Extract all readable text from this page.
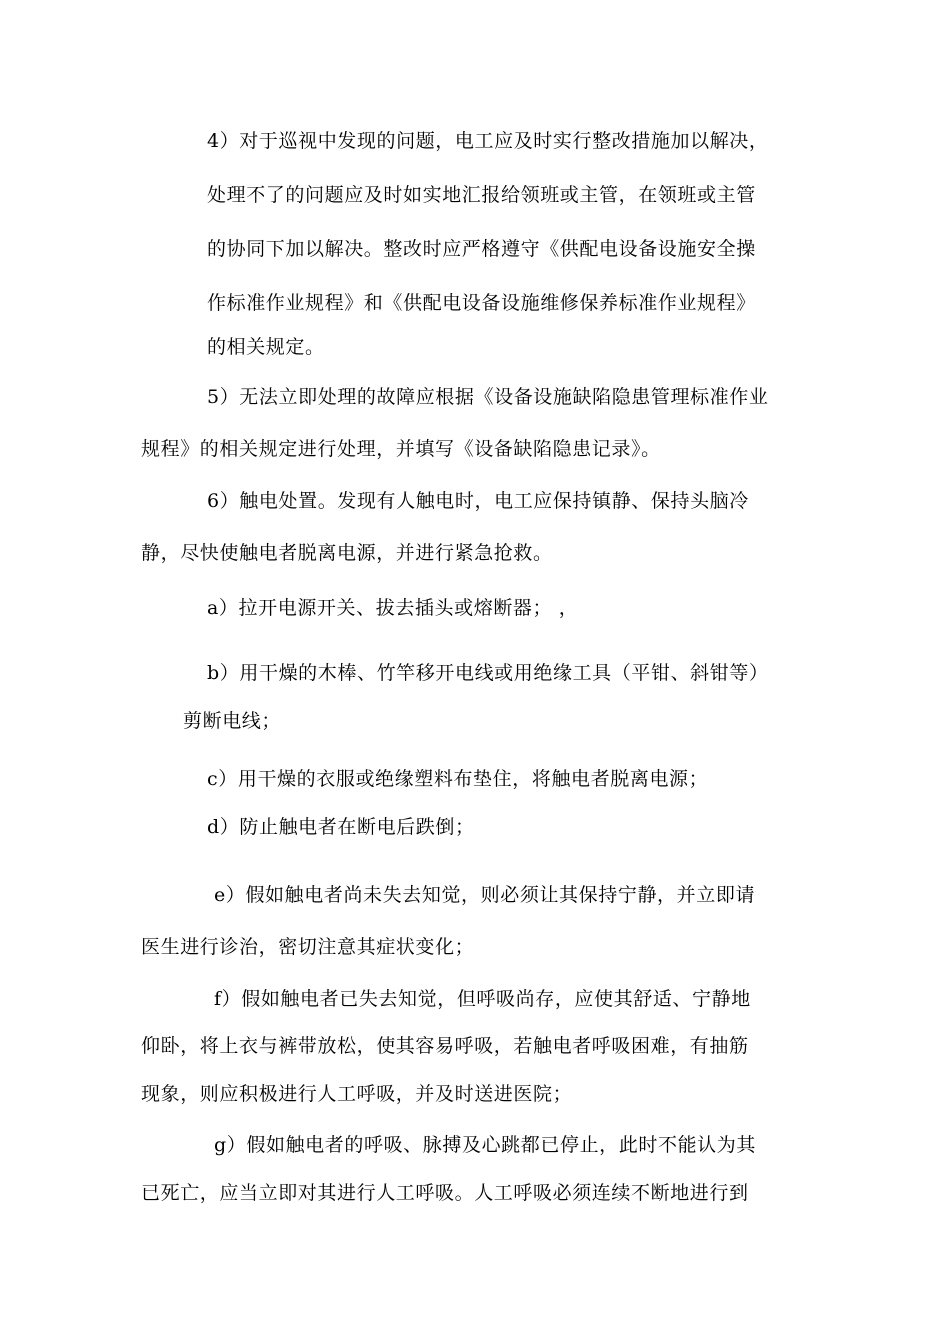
4）对于巡视中发现的问题，电工应及时实行整改措施加以解决，
处理不了的问题应及时如实地汇报给领班或主管，在领班或主管
的协同下加以解决。整改时应严格遵守《供配电设备设施安全操
作标准作业规程》和《供配电设备设施维修保养标准作业规程》
的相关规定。
5）无法立即处理的故障应根据《设备设施缺陷隐患管理标准作业
规程》的相关规定进行处理，并填写《设备缺陷隐患记录》。
6）触电处置。发现有人触电时，电工应保持镇静、保持头脑冷
静，尽快使触电者脱离电源，并进行紧急抢救。
a）拉开电源开关、拔去插头或熔断器； ，
b）用干燥的木棒、竹竿移开电线或用绝缘工具（平钳、斜钳等）
剪断电线；
c）用干燥的衣服或绝缘塑料布垫住，将触电者脱离电源；
d）防止触电者在断电后跌倒；
e）假如触电者尚未失去知觉，则必须让其保持宁静，并立即请
医生进行诊治，密切注意其症状变化；
f）假如触电者已失去知觉，但呼吸尚存，应使其舒适、宁静地
仰卧，将上衣与裤带放松，使其容易呼吸，若触电者呼吸困难，有抽筋
现象，则应积极进行人工呼吸，并及时送进医院；
g）假如触电者的呼吸、脉搏及心跳都已停止，此时不能认为其
已死亡，应当立即对其进行人工呼吸。人工呼吸必须连续不断地进行到
